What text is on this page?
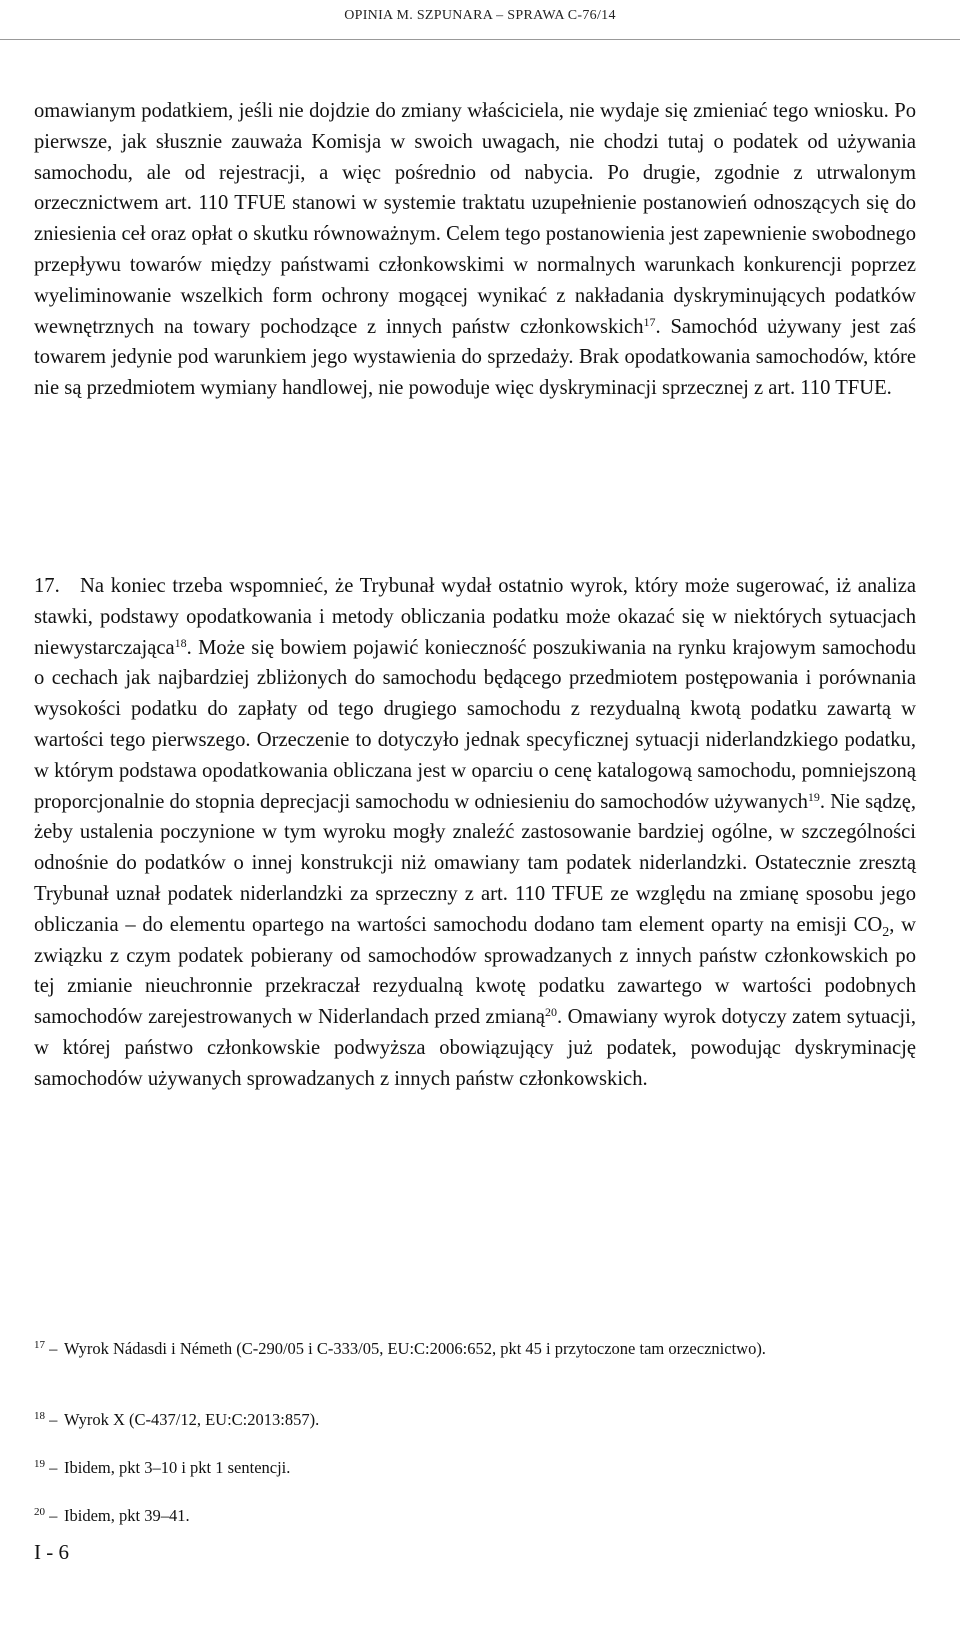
OPINIA M. SZPUNARA – SPRAWA C-76/14
omawianym podatkiem, jeśli nie dojdzie do zmiany właściciela, nie wydaje się zmieniać tego wniosku. Po pierwsze, jak słusznie zauważa Komisja w swoich uwagach, nie chodzi tutaj o podatek od używania samochodu, ale od rejestracji, a więc pośrednio od nabycia. Po drugie, zgodnie z utrwalonym orzecznictwem art. 110 TFUE stanowi w systemie traktatu uzupełnienie postanowień odnoszących się do zniesienia ceł oraz opłat o skutku równoważnym. Celem tego postanowienia jest zapewnienie swobodnego przepływu towarów między państwami członkowskimi w normalnych warunkach konkurencji poprzez wyeliminowanie wszelkich form ochrony mogącej wynikać z nakładania dyskryminujących podatków wewnętrznych na towary pochodzące z innych państw członkowskich$^{17}$. Samochód używany jest zaś towarem jedynie pod warunkiem jego wystawienia do sprzedaży. Brak opodatkowania samochodów, które nie są przedmiotem wymiany handlowej, nie powoduje więc dyskryminacji sprzecznej z art. 110 TFUE.
17. Na koniec trzeba wspomnieć, że Trybunał wydał ostatnio wyrok, który może sugerować, iż analiza stawki, podstawy opodatkowania i metody obliczania podatku może okazać się w niektórych sytuacjach niewystarczająca$^{18}$. Może się bowiem pojawić konieczność poszukiwania na rynku krajowym samochodu o cechach jak najbardziej zbliżonych do samochodu będącego przedmiotem postępowania i porównania wysokości podatku do zapłaty od tego drugiego samochodu z rezydualną kwotą podatku zawartą w wartości tego pierwszego. Orzeczenie to dotyczyło jednak specyficznej sytuacji niderlandzkiego podatku, w którym podstawa opodatkowania obliczana jest w oparciu o cenę katalogową samochodu, pomniejszoną proporcjonalnie do stopnia deprecjacji samochodu w odniesieniu do samochodów używanych$^{19}$. Nie sądzę, żeby ustalenia poczynione w tym wyroku mogły znaleźć zastosowanie bardziej ogólne, w szczególności odnośnie do podatków o innej konstrukcji niż omawiany tam podatek niderlandzki. Ostatecznie zresztą Trybunał uznał podatek niderlandzki za sprzeczny z art. 110 TFUE ze względu na zmianę sposobu jego obliczania – do elementu opartego na wartości samochodu dodano tam element oparty na emisji $CO_2$, w związku z czym podatek pobierany od samochodów sprowadzanych z innych państw członkowskich po tej zmianie nieuchronnie przekraczał rezydualną kwotę podatku zawartego w wartości podobnych samochodów zarejestrowanych w Niderlandach przed zmianą$^{20}$. Omawiany wyrok dotyczy zatem sytuacji, w której państwo członkowskie podwyższa obowiązujący już podatek, powodując dyskryminację samochodów używanych sprowadzanych z innych państw członkowskich.
$^{17}$ – Wyrok Nádasdi i Németh (C-290/05 i C-333/05, EU:C:2006:652, pkt 45 i przytoczone tam orzecznictwo).
$^{18}$ – Wyrok X (C-437/12, EU:C:2013:857).
$^{19}$ – Ibidem, pkt 3–10 i pkt 1 sentencji.
$^{20}$ – Ibidem, pkt 39–41.
I - 6
